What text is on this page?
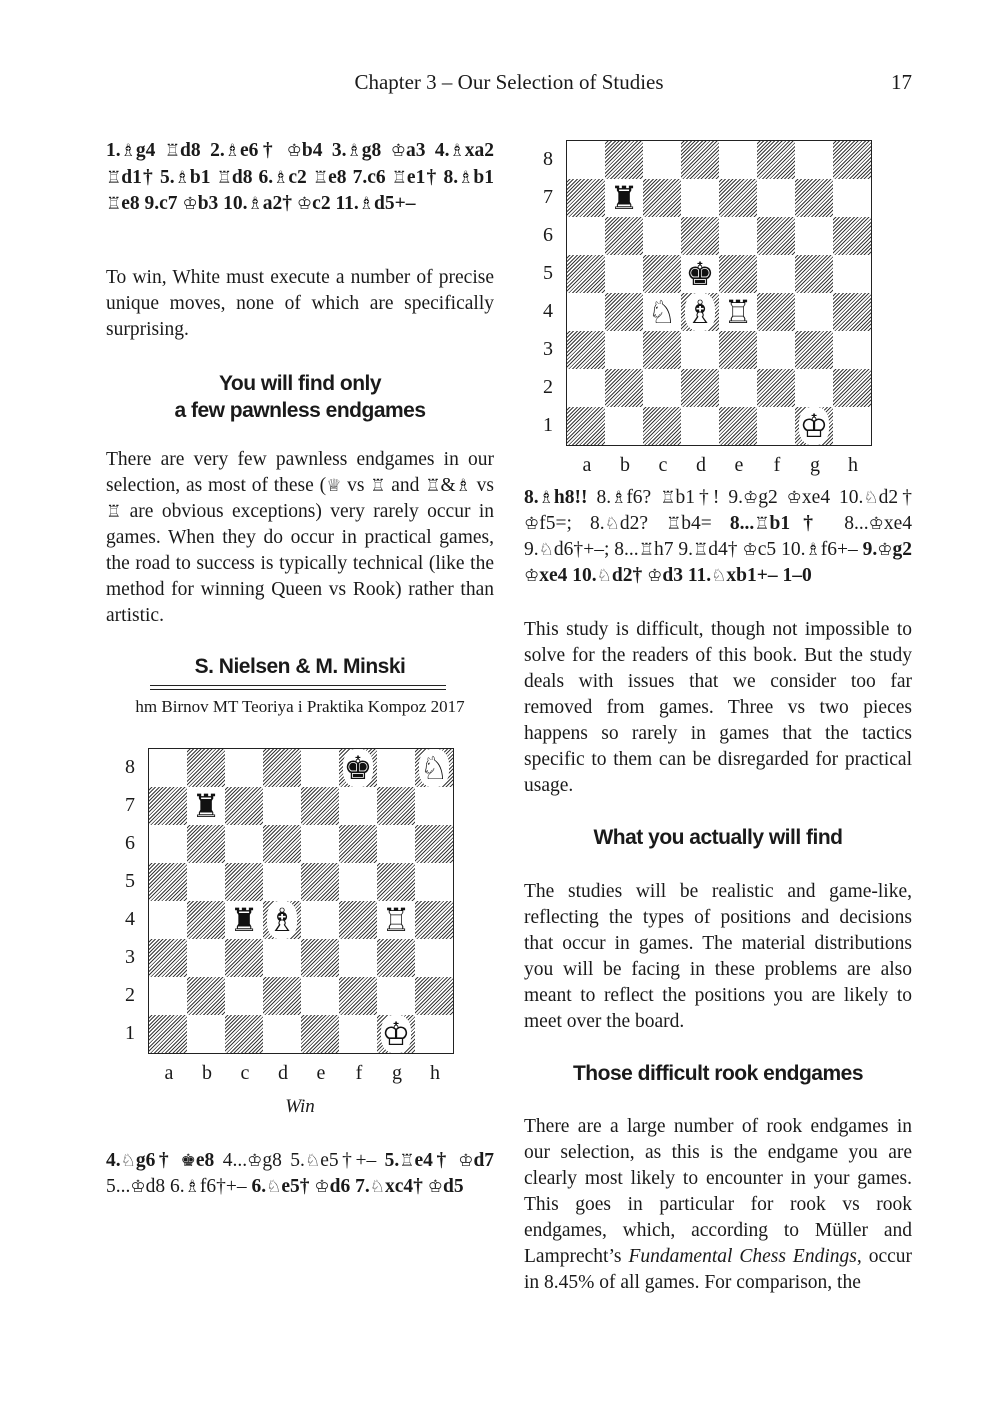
Chapter 3 – Our Selection of Studies	17

1.♗g4 ♖d8 2.♗e6† ♔b4 3.♗g8 ♔a3 4.♗xa2 ♖d1† 5.♗b1 ♖d8 6.♗c2 ♖e8 7.c6 ♖e1† 8.♗b1 ♖e8 9.c7 ♔b3 10.♗a2† ♔c2 11.♗d5+–

To win, White must execute a number of precise unique moves, none of which are specifically surprising.

You will find only
a few pawnless endgames

There are very few pawnless endgames in our selection, as most of these (♕ vs ♖ and ♖&♗ vs ♖ are obvious exceptions) very rarely occur in games. When they do occur in practical games, the road to success is typically technical (like the method for winning Queen vs Rook) rather than artistic.

S. Nielsen & M. Minski
hm Birnov MT Teoriya i Praktika Kompoz 2017
♚ ♘
♜
♜ ♗	♖
♔
8
7
6
5
4
3
2
1
a	b	c	d	e	f	g	h
Win

4.♘g6† ♚e8 4...♔g8 5.♘e5†+– 5.♖e4† ♔d7 5...♔d8 6.♗f6†+– 6.♘e5† ♔d6 7.♘xc4† ♔d5

♜
♚
♘ ♗ ♖
♔
8
7
6
5
4
3
2
1
a	b	c	d	e	f	g	h

8.♗h8!! 8.♗f6? ♖b1†! 9.♔g2 ♔xe4 10.♘d2† ♔f5=; 8.♘d2? ♖b4= 8...♖b1† 8...♔xe4 9.♘d6†+–; 8...♖h7 9.♖d4† ♔c5 10.♗f6+– 9.♔g2 ♔xe4 10.♘d2† ♔d3 11.♘xb1+– 1–0

This study is difficult, though not impossible to solve for the readers of this book. But the study deals with issues that we consider too far removed from games. Three vs two pieces happens so rarely in games that the tactics specific to them can be disregarded for practical usage.

What you actually will find

The studies will be realistic and game-like, reflecting the types of positions and decisions that occur in games. The material distributions you will be facing in these problems are also meant to reflect the positions you are likely to meet over the board.

Those difficult rook endgames

There are a large number of rook endgames in our selection, as this is the endgame you are clearly most likely to encounter in your games. This goes in particular for rook vs rook endgames, which, according to Müller and Lamprecht’s Fundamental Chess Endings, occur in 8.45% of all games. For comparison, the
